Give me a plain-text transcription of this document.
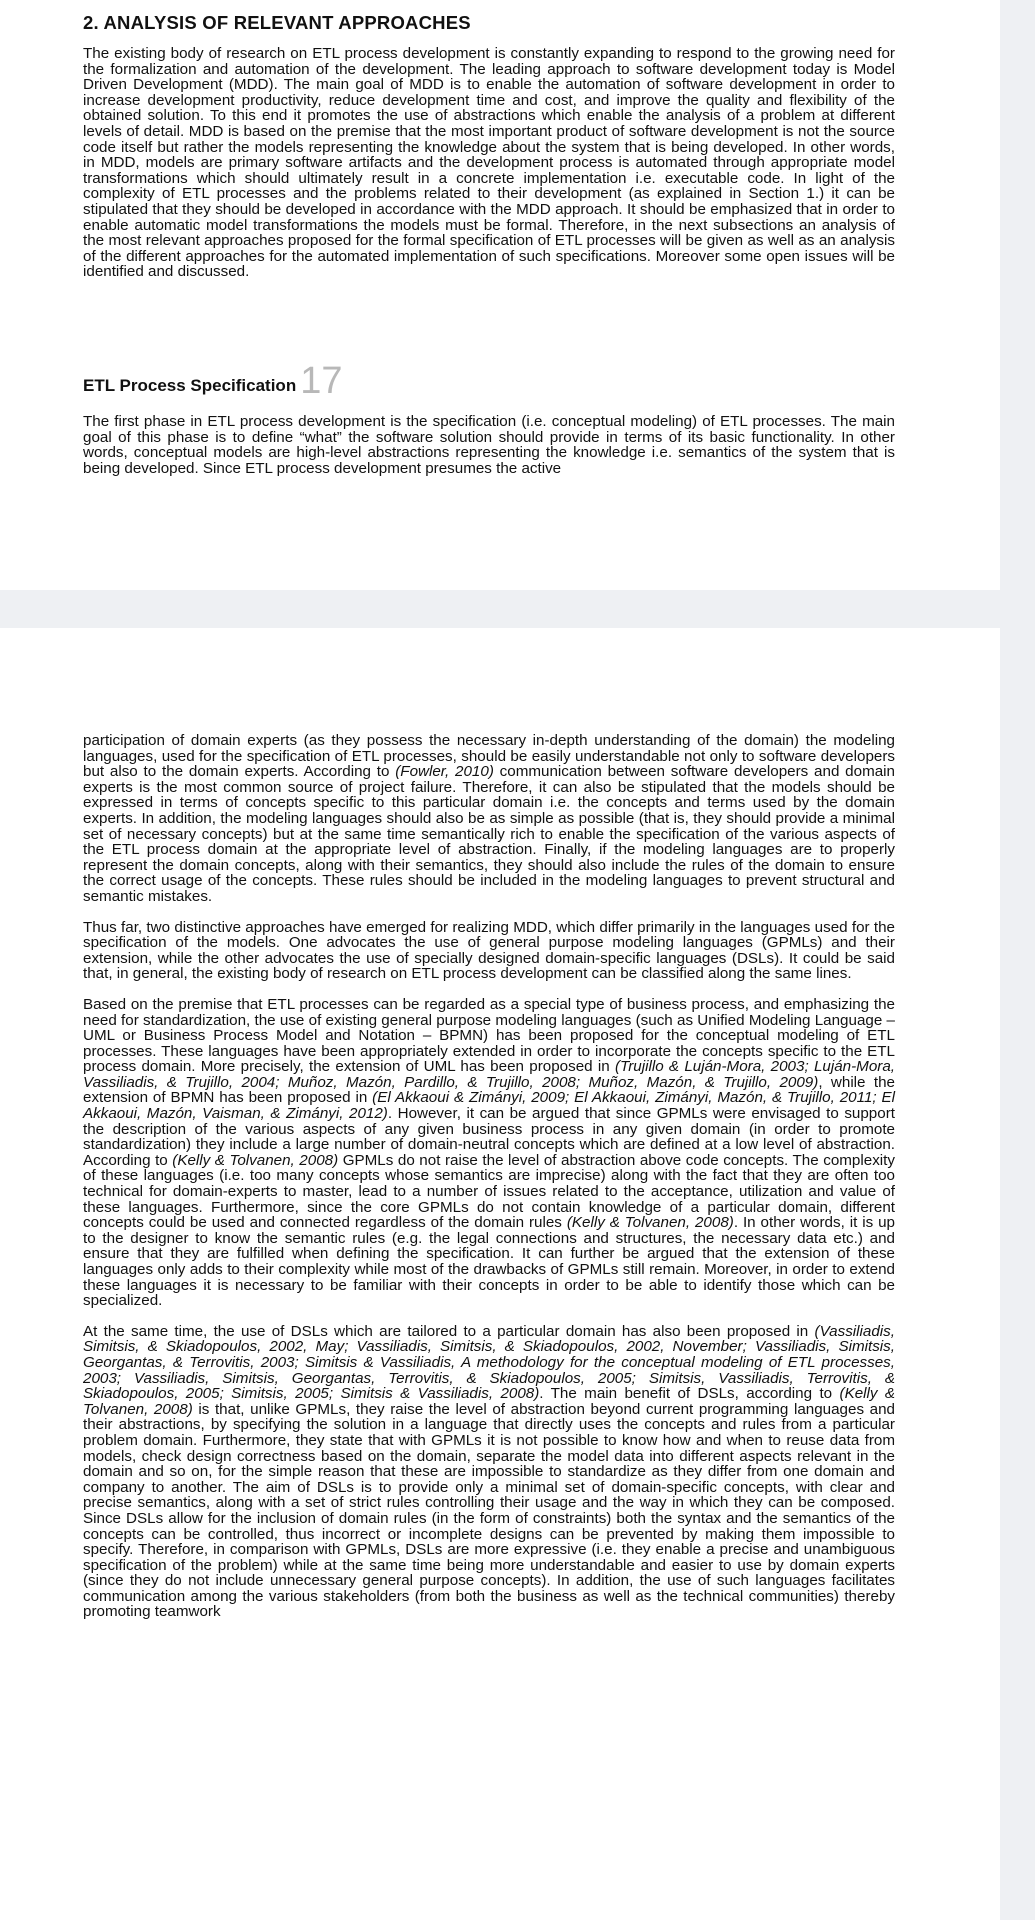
2. ANALYSIS OF RELEVANT APPROACHES

The existing body of research on ETL process development is constantly expanding to respond to the growing need for the formalization and automation of the development. The leading approach to software development today is Model Driven Development (MDD). The main goal of MDD is to enable the automation of software development in order to increase development productivity, reduce development time and cost, and improve the quality and flexibility of the obtained solution. To this end it promotes the use of abstractions which enable the analysis of a problem at different levels of detail. MDD is based on the premise that the most important product of software development is not the source code itself but rather the models representing the knowledge about the system that is being developed. In other words, in MDD, models are primary software artifacts and the development process is automated through appropriate model transformations which should ultimately result in a concrete implementation i.e. executable code. In light of the complexity of ETL processes and the problems related to their development (as explained in Section 1.) it can be stipulated that they should be developed in accordance with the MDD approach. It should be emphasized that in order to enable automatic model transformations the models must be formal. Therefore, in the next subsections an analysis of the most relevant approaches proposed for the formal specification of ETL processes will be given as well as an analysis of the different approaches for the automated implementation of such specifications. Moreover some open issues will be identified and discussed.

ETL Process Specification 17

The first phase in ETL process development is the specification (i.e. conceptual modeling) of ETL processes. The main goal of this phase is to define “what” the software solution should provide in terms of its basic functionality. In other words, conceptual models are high-level abstractions representing the knowledge i.e. semantics of the system that is being developed. Since ETL process development presumes the active

participation of domain experts (as they possess the necessary in-depth understanding of the domain) the modeling languages, used for the specification of ETL processes, should be easily understandable not only to software developers but also to the domain experts. According to (Fowler, 2010) communication between software developers and domain experts is the most common source of project failure. Therefore, it can also be stipulated that the models should be expressed in terms of concepts specific to this particular domain i.e. the concepts and terms used by the domain experts. In addition, the modeling languages should also be as simple as possible (that is, they should provide a minimal set of necessary concepts) but at the same time semantically rich to enable the specification of the various aspects of the ETL process domain at the appropriate level of abstraction. Finally, if the modeling languages are to properly represent the domain concepts, along with their semantics, they should also include the rules of the domain to ensure the correct usage of the concepts. These rules should be included in the modeling languages to prevent structural and semantic mistakes.

Thus far, two distinctive approaches have emerged for realizing MDD, which differ primarily in the languages used for the specification of the models. One advocates the use of general purpose modeling languages (GPMLs) and their extension, while the other advocates the use of specially designed domain-specific languages (DSLs). It could be said that, in general, the existing body of research on ETL process development can be classified along the same lines.

Based on the premise that ETL processes can be regarded as a special type of business process, and emphasizing the need for standardization, the use of existing general purpose modeling languages (such as Unified Modeling Language – UML or Business Process Model and Notation – BPMN) has been proposed for the conceptual modeling of ETL processes. These languages have been appropriately extended in order to incorporate the concepts specific to the ETL process domain. More precisely, the extension of UML has been proposed in (Trujillo & Luján-Mora, 2003; Luján-Mora, Vassiliadis, & Trujillo, 2004; Muñoz, Mazón, Pardillo, & Trujillo, 2008; Muñoz, Mazón, & Trujillo, 2009), while the extension of BPMN has been proposed in (El Akkaoui & Zimányi, 2009; El Akkaoui, Zimányi, Mazón, & Trujillo, 2011; El Akkaoui, Mazón, Vaisman, & Zimányi, 2012). However, it can be argued that since GPMLs were envisaged to support the description of the various aspects of any given business process in any given domain (in order to promote standardization) they include a large number of domain-neutral concepts which are defined at a low level of abstraction. According to (Kelly & Tolvanen, 2008) GPMLs do not raise the level of abstraction above code concepts. The complexity of these languages (i.e. too many concepts whose semantics are imprecise) along with the fact that they are often too technical for domain-experts to master, lead to a number of issues related to the acceptance, utilization and value of these languages. Furthermore, since the core GPMLs do not contain knowledge of a particular domain, different concepts could be used and connected regardless of the domain rules (Kelly & Tolvanen, 2008). In other words, it is up to the designer to know the semantic rules (e.g. the legal connections and structures, the necessary data etc.) and ensure that they are fulfilled when defining the specification. It can further be argued that the extension of these languages only adds to their complexity while most of the drawbacks of GPMLs still remain. Moreover, in order to extend these languages it is necessary to be familiar with their concepts in order to be able to identify those which can be specialized.

At the same time, the use of DSLs which are tailored to a particular domain has also been proposed in (Vassiliadis, Simitsis, & Skiadopoulos, 2002, May; Vassiliadis, Simitsis, & Skiadopoulos, 2002, November; Vassiliadis, Simitsis, Georgantas, & Terrovitis, 2003; Simitsis & Vassiliadis, A methodology for the conceptual modeling of ETL processes, 2003; Vassiliadis, Simitsis, Georgantas, Terrovitis, & Skiadopoulos, 2005; Simitsis, Vassiliadis, Terrovitis, & Skiadopoulos, 2005; Simitsis, 2005; Simitsis & Vassiliadis, 2008). The main benefit of DSLs, according to (Kelly & Tolvanen, 2008) is that, unlike GPMLs, they raise the level of abstraction beyond current programming languages and their abstractions, by specifying the solution in a language that directly uses the concepts and rules from a particular problem domain. Furthermore, they state that with GPMLs it is not possible to know how and when to reuse data from models, check design correctness based on the domain, separate the model data into different aspects relevant in the domain and so on, for the simple reason that these are impossible to standardize as they differ from one domain and company to another. The aim of DSLs is to provide only a minimal set of domain-specific concepts, with clear and precise semantics, along with a set of strict rules controlling their usage and the way in which they can be composed. Since DSLs allow for the inclusion of domain rules (in the form of constraints) both the syntax and the semantics of the concepts can be controlled, thus incorrect or incomplete designs can be prevented by making them impossible to specify. Therefore, in comparison with GPMLs, DSLs are more expressive (i.e. they enable a precise and unambiguous specification of the problem) while at the same time being more understandable and easier to use by domain experts (since they do not include unnecessary general purpose concepts). In addition, the use of such languages facilitates communication among the various stakeholders (from both the business as well as the technical communities) thereby promoting teamwork
